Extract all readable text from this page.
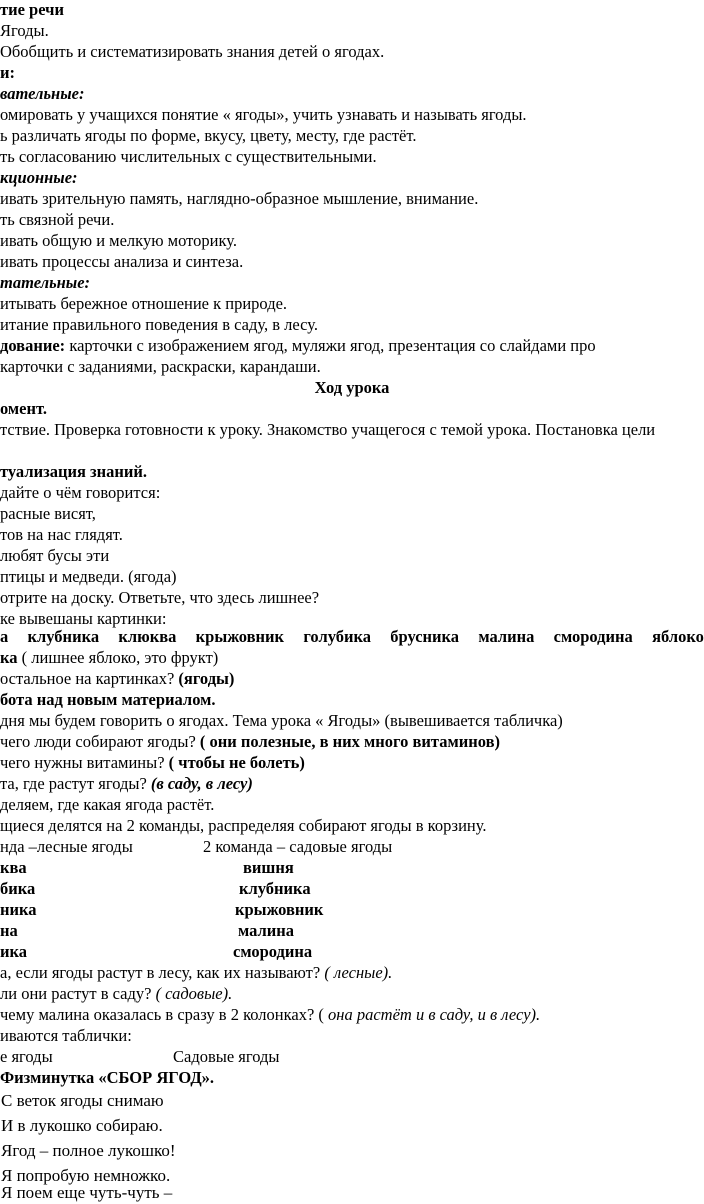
тие речи
Ягоды.
Обобщить и систематизировать знания детей о ягодах.
и:
вательные:
омировать у учащихся понятие « ягоды», учить узнавать и называть ягоды.
ь различать ягоды по форме, вкусу, цвету, месту, где растёт.
ть согласованию числительных с существительными.
кционные:
ивать зрительную память, наглядно-образное мышление, внимание.
ть связной речи.
ивать общую и мелкую моторику.
ивать процессы анализа и синтеза.
тательные:
итывать бережное отношение к природе.
итание правильного поведения в саду, в лесу.
дование: карточки с изображением ягод, муляжи ягод, презентация со слайдами про
карточки с заданиями, раскраски, карандаши.
Ход урока
омент.
тствие. Проверка готовности к уроку. Знакомство учащегося с темой урока. Постановка цели
туализация знаний.
дайте о чём говорится:
расные висят,
тов на нас глядят.
любят бусы эти
птицы и медведи. (ягода)
отрите на доску. Ответьте, что здесь лишнее?
ке вывешаны картинки:
а клубника клюква крыжовник голубика брусника малина смородина яблоко
ка ( лишнее яблоко, это фрукт)
остальное на картинках? (ягоды)
бота над новым материалом.
дня мы будем говорить о ягодах. Тема урока « Ягоды» (вывешивается табличка)
чего люди собирают ягоды? ( они полезные, в них много витаминов)
чего нужны витамины? ( чтобы не болеть)
та, где растут ягоды? (в саду, в лесу)
деляем, где какая ягода растёт.
щиеся делятся на 2 команды, распределяя собирают ягоды в корзину.
нда –лесные ягоды	2 команда – садовые ягоды
ква
бика
ника
на
ика
вишня
клубника
крыжовник
малина
смородина
а, если ягоды растут в лесу, как их называют? ( лесные).
ли они растут в саду? ( садовые).
чему малина оказалась в сразу в 2 колонках? ( она растёт и в саду, и в лесу).
иваются таблички:
е ягоды	Садовые ягоды
Физминутка «СБОР ЯГОД».
С веток ягоды снимаю
И в лукошко собираю.
Ягод – полное лукошко!
Я попробую немножко.
Я поем еще чуть-чуть –
